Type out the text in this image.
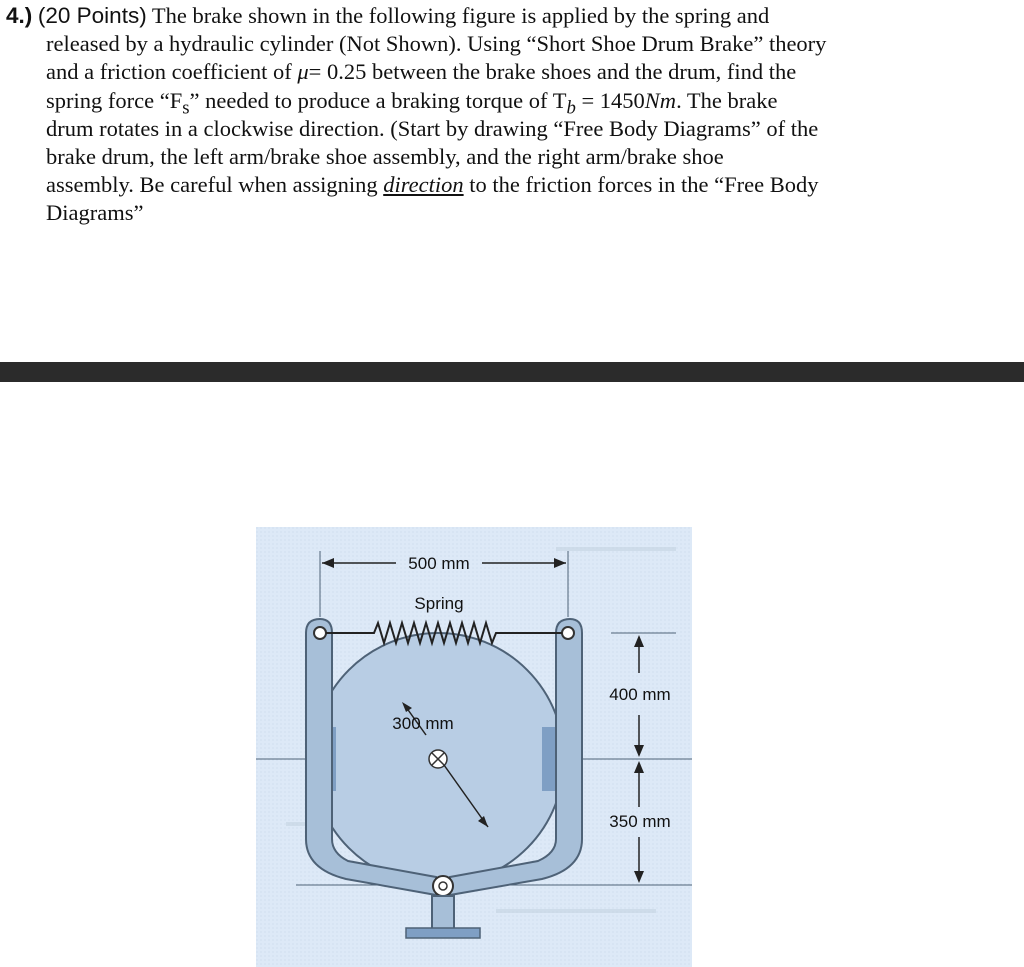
4.) (20 Points) The brake shown in the following figure is applied by the spring and
released by a hydraulic cylinder (Not Shown). Using “Short Shoe Drum Brake” theory
and a friction coefficient of μ= 0.25 between the brake shoes and the drum, find the
spring force “$F_s$” needed to produce a braking torque of $T_b = 1450Nm$. The brake
drum rotates in a clockwise direction. (Start by drawing “Free Body Diagrams” of the
brake drum, the left arm/brake shoe assembly, and the right arm/brake shoe
assembly. Be careful when assigning direction to the friction forces in the “Free Body
Diagrams”
500 mm
Spring
400 mm
300 mm
350 mm
